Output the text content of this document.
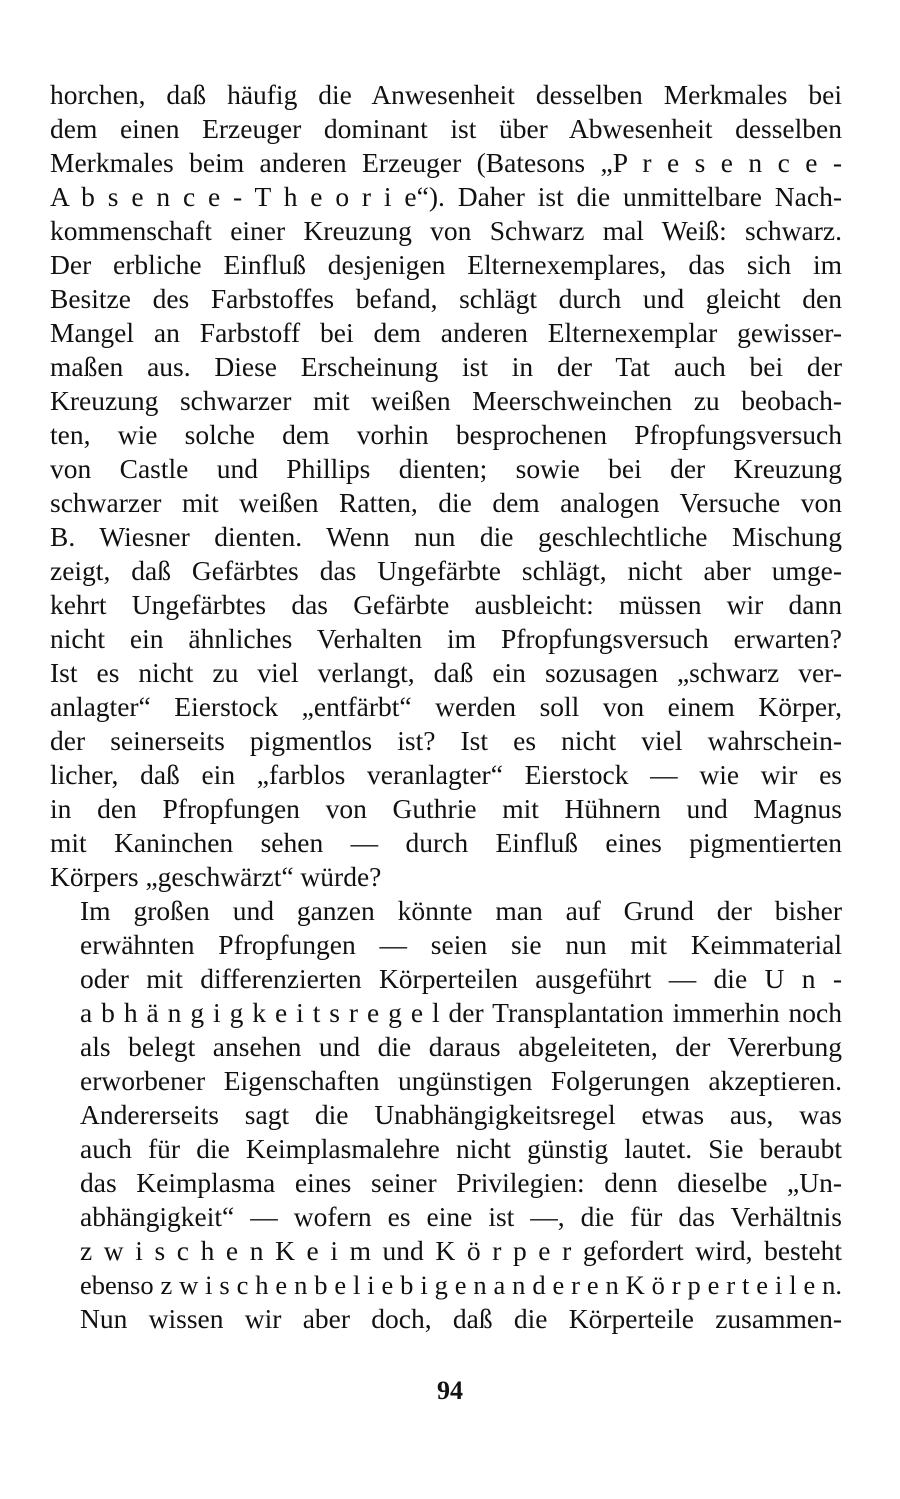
horchen, daß häufig die Anwesenheit desselben Merkmales bei
dem einen Erzeuger dominant ist über Abwesenheit desselben
Merkmales beim anderen Erzeuger (Batesons „P r e s e n c e -
A b s e n c e - T h e o r i e“). Daher ist die unmittelbare Nach-
kommenschaft einer Kreuzung von Schwarz mal Weiß: schwarz.
Der erbliche Einfluß desjenigen Elternexemplares, das sich im
Besitze des Farbstoffes befand, schlägt durch und gleicht den
Mangel an Farbstoff bei dem anderen Elternexemplar gewisser-
maßen aus. Diese Erscheinung ist in der Tat auch bei der
Kreuzung schwarzer mit weißen Meerschweinchen zu beobach-
ten, wie solche dem vorhin besprochenen Pfropfungsversuch
von Castle und Phillips dienten; sowie bei der Kreuzung
schwarzer mit weißen Ratten, die dem analogen Versuche von
B. Wiesner dienten. Wenn nun die geschlechtliche Mischung
zeigt, daß Gefärbtes das Ungefärbte schlägt, nicht aber umge-
kehrt Ungefärbtes das Gefärbte ausbleicht: müssen wir dann
nicht ein ähnliches Verhalten im Pfropfungsversuch erwarten?
Ist es nicht zu viel verlangt, daß ein sozusagen „schwarz ver-
anlagter“ Eierstock „entfärbt“ werden soll von einem Körper,
der seinerseits pigmentlos ist? Ist es nicht viel wahrschein-
licher, daß ein „farblos veranlagter“ Eierstock — wie wir es
in den Pfropfungen von Guthrie mit Hühnern und Magnus
mit Kaninchen sehen — durch Einfluß eines pigmentierten
Körpers „geschwärzt“ würde?

Im großen und ganzen könnte man auf Grund der bisher
erwähnten Pfropfungen — seien sie nun mit Keimmaterial
oder mit differenzierten Körperteilen ausgeführt — die U n -
a b h ä n g i g k e i t s r e g e l der Transplantation immerhin noch
als belegt ansehen und die daraus abgeleiteten, der Vererbung
erworbener Eigenschaften ungünstigen Folgerungen akzeptieren.

Andererseits sagt die Unabhängigkeitsregel etwas aus, was
auch für die Keimplasmalehre nicht günstig lautet. Sie beraubt
das Keimplasma eines seiner Privilegien: denn dieselbe „Un-
abhängigkeit“ — wofern es eine ist —, die für das Verhältnis
z w i s c h e n K e i m und K ö r p e r gefordert wird, besteht
ebenso z w i s c h e n b e l i e b i g e n a n d e r e n K ö r p e r t e i l e n.
Nun wissen wir aber doch, daß die Körperteile zusammen-

94
